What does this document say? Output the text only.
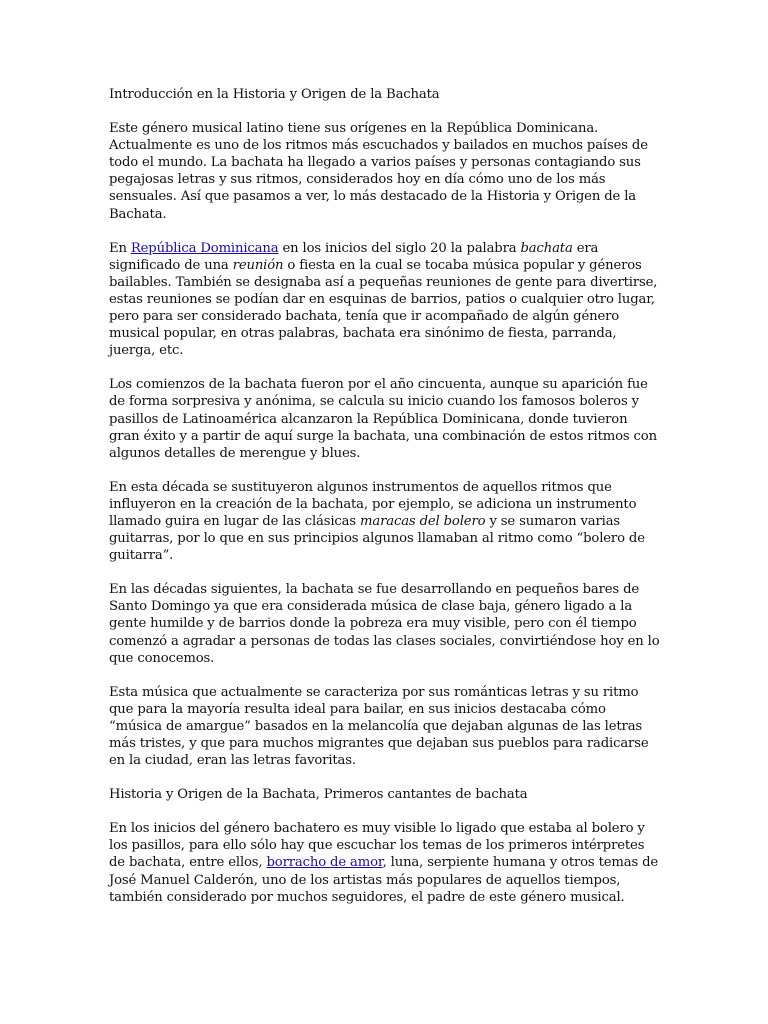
Introducción en la Historia y Origen de la Bachata

Este género musical latino tiene sus orígenes en la República Dominicana. Actualmente es uno de los ritmos más escuchados y bailados en muchos países de todo el mundo. La bachata ha llegado a varios países y personas contagiando sus pegajosas letras y sus ritmos, considerados hoy en día cómo uno de los más sensuales. Así que pasamos a ver, lo más destacado de la Historia y Origen de la Bachata.

En República Dominicana en los inicios del siglo 20 la palabra bachata era significado de una reunión o fiesta en la cual se tocaba música popular y géneros bailables. También se designaba así a pequeñas reuniones de gente para divertirse, estas reuniones se podían dar en esquinas de barrios, patios o cualquier otro lugar, pero para ser considerado bachata, tenía que ir acompañado de algún género musical popular, en otras palabras, bachata era sinónimo de fiesta, parranda, juerga, etc.

Los comienzos de la bachata fueron por el año cincuenta, aunque su aparición fue de forma sorpresiva y anónima, se calcula su inicio cuando los famosos boleros y pasillos de Latinoamérica alcanzaron la República Dominicana, donde tuvieron gran éxito y a partir de aquí surge la bachata, una combinación de estos ritmos con algunos detalles de merengue y blues.

En esta década se sustituyeron algunos instrumentos de aquellos ritmos que influyeron en la creación de la bachata, por ejemplo, se adiciona un instrumento llamado guira en lugar de las clásicas maracas del bolero y se sumaron varias guitarras, por lo que en sus principios algunos llamaban al ritmo como “bolero de guitarra”.

En las décadas siguientes, la bachata se fue desarrollando en pequeños bares de Santo Domingo ya que era considerada música de clase baja, género ligado a la gente humilde y de barrios donde la pobreza era muy visible, pero con él tiempo comenzó a agradar a personas de todas las clases sociales, convirtiéndose hoy en lo que conocemos.

Esta música que actualmente se caracteriza por sus románticas letras y su ritmo que para la mayoría resulta ideal para bailar, en sus inicios destacaba cómo “música de amargue” basados en la melancolía que dejaban algunas de las letras más tristes, y que para muchos migrantes que dejaban sus pueblos para radicarse en la ciudad, eran las letras favoritas.

Historia y Origen de la Bachata, Primeros cantantes de bachata

En los inicios del género bachatero es muy visible lo ligado que estaba al bolero y los pasillos, para ello sólo hay que escuchar los temas de los primeros intérpretes de bachata, entre ellos, borracho de amor, luna, serpiente humana y otros temas de José Manuel Calderón, uno de los artistas más populares de aquellos tiempos, también considerado por muchos seguidores, el padre de este género musical.
